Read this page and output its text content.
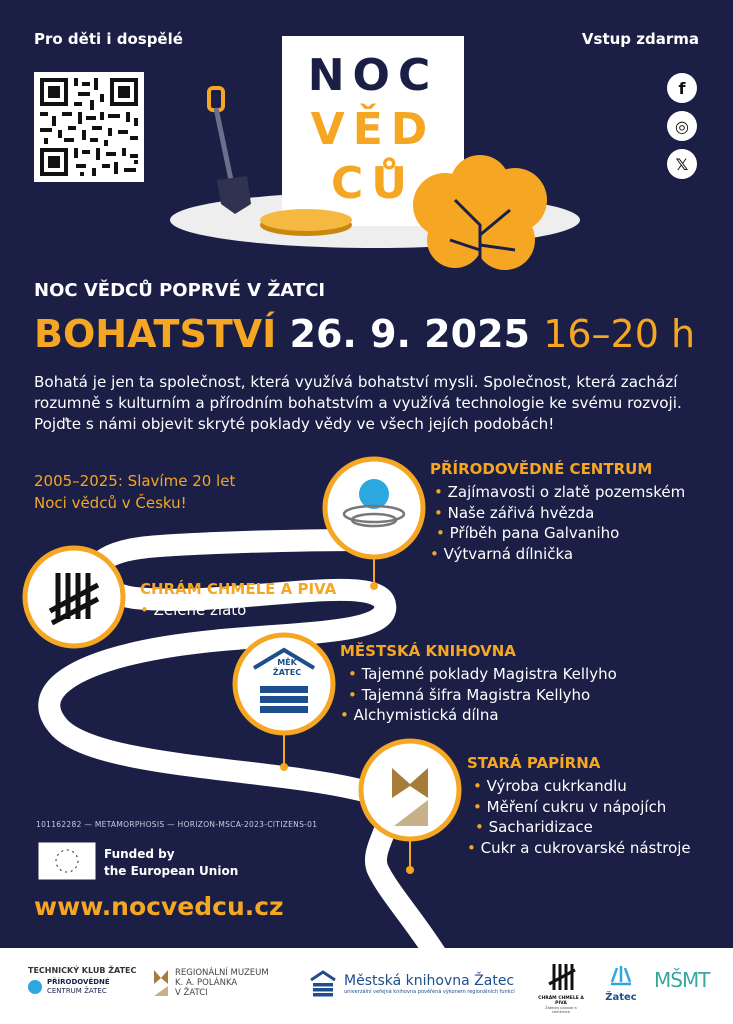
Pro děti i dospělé	Vstup zdarma
f
◎
𝕏
NOC
VĚD
CŮ
NOC VĚDCŮ POPRVÉ V ŽATCI
BOHATSTVÍ 26. 9. 2025 16–20 h
Bohatá je jen ta společnost, která využívá bohatství mysli. Společnost, která zachází rozumně s kulturním a přírodním bohatstvím a využívá technologie ke svému rozvoji. Pojďte s námi objevit skryté poklady vědy ve všech jejích podobách!
2005–2025: Slavíme 20 let
Noci vědců v Česku!
PŘÍRODOVĚDNÉ CENTRUM
• Zajímavosti o zlatě pozemském
• Naše zářivá hvězda
• Příběh pana Galvaniho
• Výtvarná dílnička
CHRÁM CHMELE A PIVA
• Zelené zlato
MĚK
ŽATEC
MĚSTSKÁ KNIHOVNA
• Tajemné poklady Magistra Kellyho
• Tajemná šifra Magistra Kellyho
• Alchymistická dílna
STARÁ PAPÍRNA
• Výroba cukrkandlu
• Měření cukru v nápojích
• Sacharidizace
• Cukr a cukrovarské nástroje
101162282 — METAMORPHOSIS — HORIZON-MSCA-2023-CITIZENS-01
Funded by
the European Union
www.nocvedcu.cz
TECHNICKÝ KLUB ŽATEC
PŘÍRODOVĚDNÉ
CENTRUM ŽATEC
REGIONÁLNÍ MUZEUM
K. A. POLÁNKA
V ŽATCI
Městská knihovna Žatec
univerzální veřejná knihovna pověřená výkonem regionálních funkcí
CHRÁM CHMELE A PIVA
Žatecký pivovar a chmelnice
Žatec
MŠMT
